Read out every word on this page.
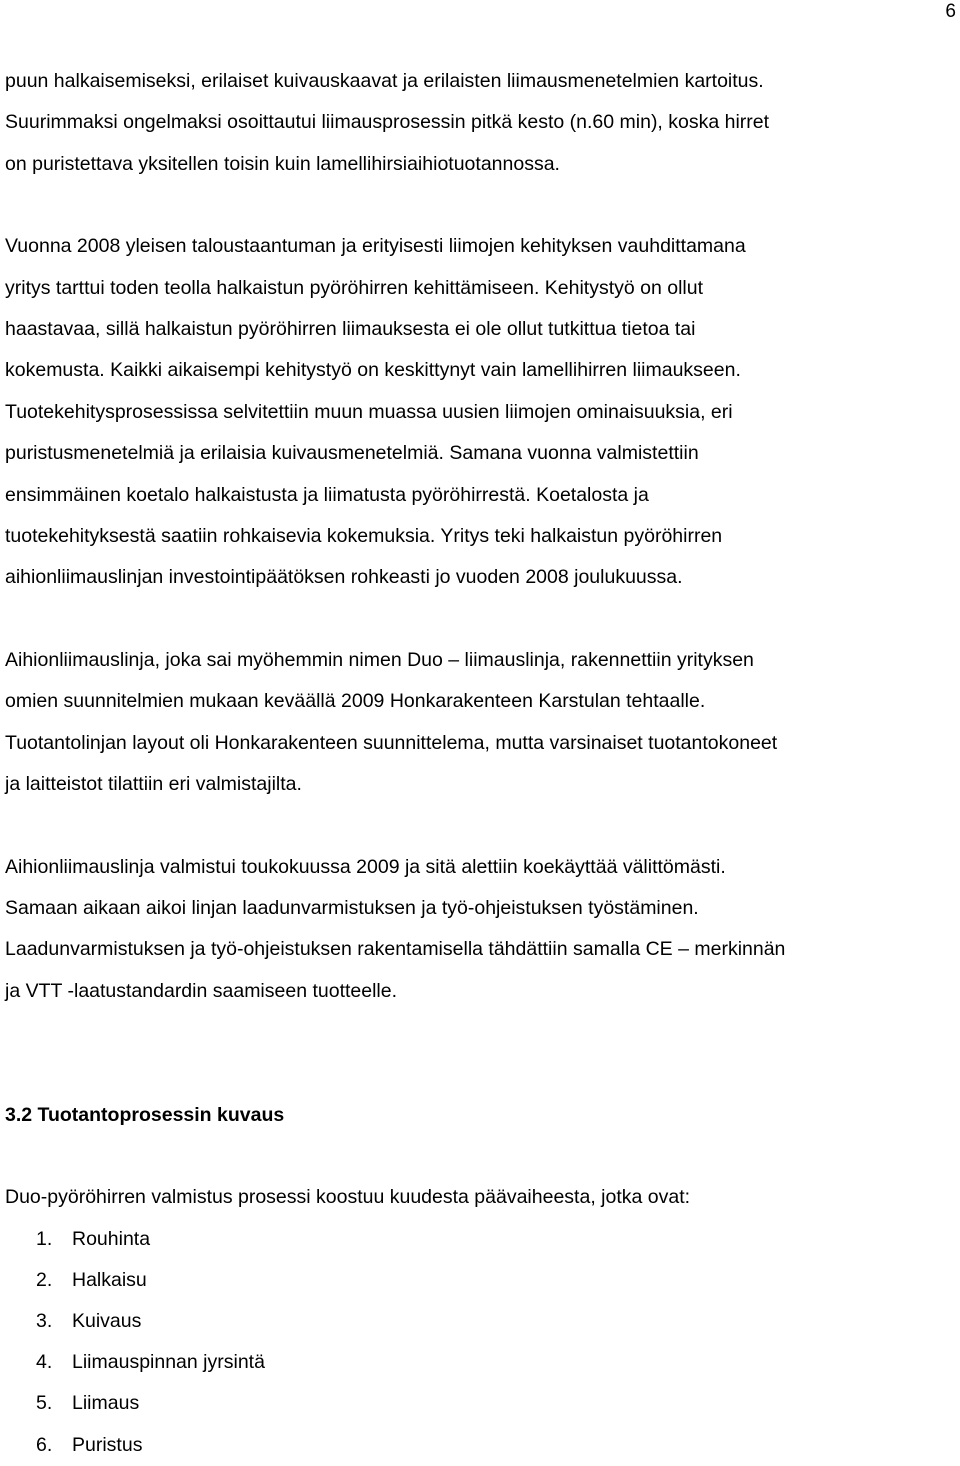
6

puun halkaisemiseksi, erilaiset kuivauskaavat ja erilaisten liimausmenetelmien kartoitus.
Suurimmaksi ongelmaksi osoittautui liimausprosessin pitkä kesto (n.60 min), koska hirret
on puristettava yksitellen toisin kuin lamellihirsiaihiotuotannossa.

Vuonna 2008 yleisen taloustaantuman ja erityisesti liimojen kehityksen vauhdittamana
yritys tarttui toden teolla halkaistun pyöröhirren kehittämiseen. Kehitystyö on ollut
haastavaa, sillä halkaistun pyöröhirren liimauksesta ei ole ollut tutkittua tietoa tai
kokemusta. Kaikki aikaisempi kehitystyö on keskittynyt vain lamellihirren liimaukseen.
Tuotekehitysprosessissa selvitettiin muun muassa uusien liimojen ominaisuuksia, eri
puristusmenetelmiä ja erilaisia kuivausmenetelmiä. Samana vuonna valmistettiin
ensimmäinen koetalo halkaistusta ja liimatusta pyöröhirrestä. Koetalosta ja
tuotekehityksestä saatiin rohkaisevia kokemuksia. Yritys teki halkaistun pyöröhirren
aihionliimauslinjan investointipäätöksen rohkeasti jo vuoden 2008 joulukuussa.

Aihionliimauslinja, joka sai myöhemmin nimen Duo – liimauslinja, rakennettiin yrityksen
omien suunnitelmien mukaan keväällä 2009 Honkarakenteen Karstulan tehtaalle.
Tuotantolinjan layout oli Honkarakenteen suunnittelema, mutta varsinaiset tuotantokoneet
ja laitteistot tilattiin eri valmistajilta.

Aihionliimauslinja valmistui toukokuussa 2009 ja sitä alettiin koekäyttää välittömästi.
Samaan aikaan aikoi linjan laadunvarmistuksen ja työ-ohjeistuksen työstäminen.
Laadunvarmistuksen ja työ-ohjeistuksen rakentamisella tähdättiin samalla CE – merkinnän
ja VTT -laatustandardin saamiseen tuotteelle.

3.2 Tuotantoprosessin kuvaus

Duo-pyöröhirren valmistus prosessi koostuu kuudesta päävaiheesta, jotka ovat:

1.	Rouhinta
2.	Halkaisu
3.	Kuivaus
4.	Liimauspinnan jyrsintä
5.	Liimaus
6.	Puristus
